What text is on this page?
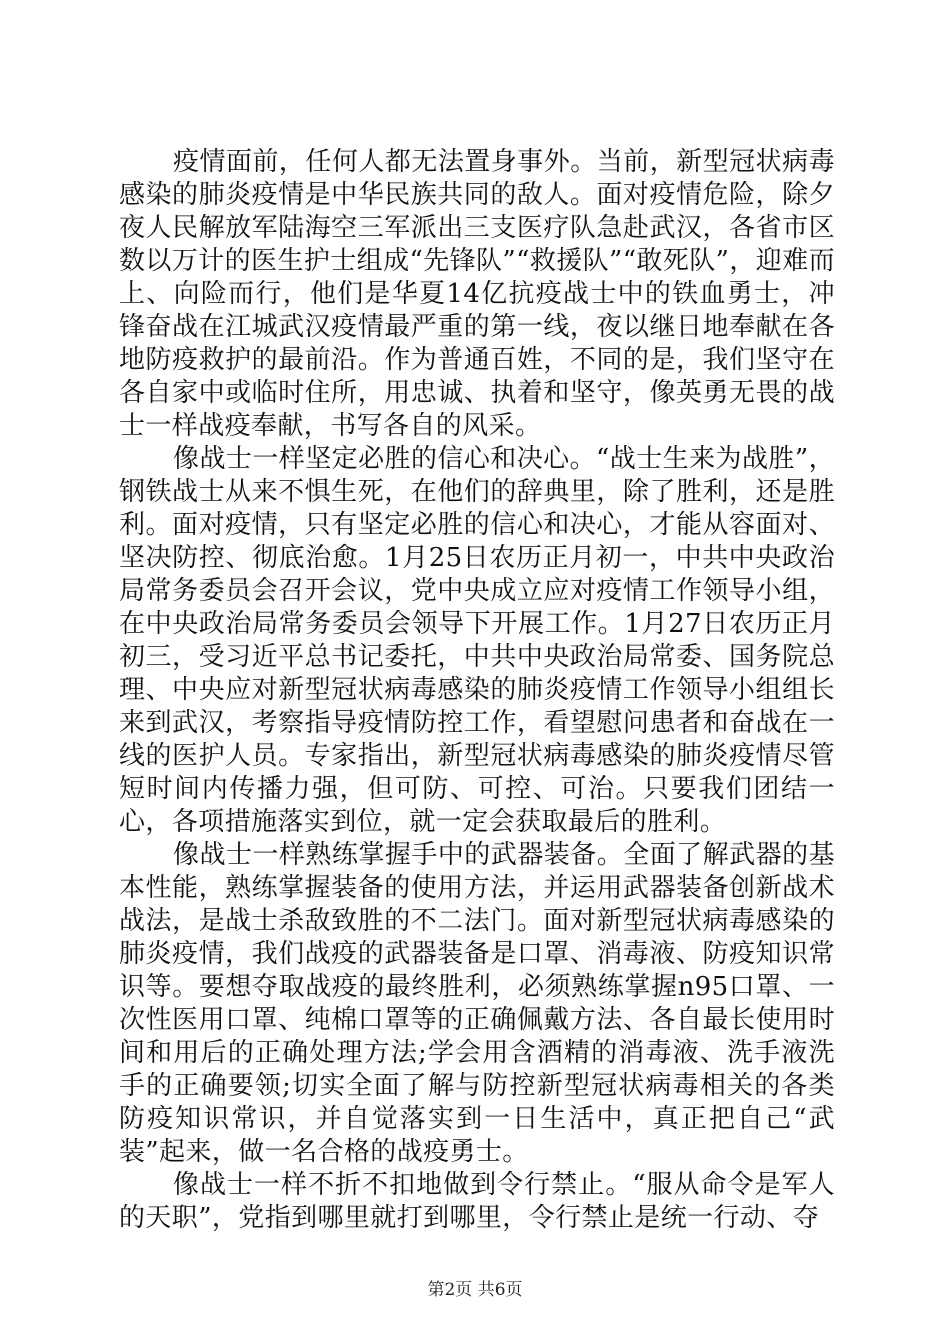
疫情面前，任何人都无法置身事外。当前，新型冠状病毒感染的肺炎疫情是中华民族共同的敌人。面对疫情危险，除夕夜人民解放军陆海空三军派出三支医疗队急赴武汉，各省市区数以万计的医生护士组成“先锋队”“救援队”“敢死队”，迎难而上、向险而行，他们是华夏14亿抗疫战士中的铁血勇士，冲锋奋战在江城武汉疫情最严重的第一线，夜以继日地奉献在各地防疫救护的最前沿。作为普通百姓，不同的是，我们坚守在各自家中或临时住所，用忠诚、执着和坚守，像英勇无畏的战士一样战疫奉献，书写各自的风采。

像战士一样坚定必胜的信心和决心。“战士生来为战胜”，钢铁战士从来不惧生死，在他们的辞典里，除了胜利，还是胜利。面对疫情，只有坚定必胜的信心和决心，才能从容面对、坚决防控、彻底治愈。1月25日农历正月初一，中共中央政治局常务委员会召开会议，党中央成立应对疫情工作领导小组，在中央政治局常务委员会领导下开展工作。1月27日农历正月初三，受习近平总书记委托，中共中央政治局常委、国务院总理、中央应对新型冠状病毒感染的肺炎疫情工作领导小组组长来到武汉，考察指导疫情防控工作，看望慰问患者和奋战在一线的医护人员。专家指出，新型冠状病毒感染的肺炎疫情尽管短时间内传播力强，但可防、可控、可治。只要我们团结一心，各项措施落实到位，就一定会获取最后的胜利。

像战士一样熟练掌握手中的武器装备。全面了解武器的基本性能，熟练掌握装备的使用方法，并运用武器装备创新战术战法，是战士杀敌致胜的不二法门。面对新型冠状病毒感染的肺炎疫情，我们战疫的武器装备是口罩、消毒液、防疫知识常识等。要想夺取战疫的最终胜利，必须熟练掌握n95口罩、一次性医用口罩、纯棉口罩等的正确佩戴方法、各自最长使用时间和用后的正确处理方法;学会用含酒精的消毒液、洗手液洗手的正确要领;切实全面了解与防控新型冠状病毒相关的各类防疫知识常识，并自觉落实到一日生活中，真正把自己“武装”起来，做一名合格的战疫勇士。

像战士一样不折不扣地做到令行禁止。“服从命令是军人的天职”，党指到哪里就打到哪里，令行禁止是统一行动、夺

第2页 共6页
